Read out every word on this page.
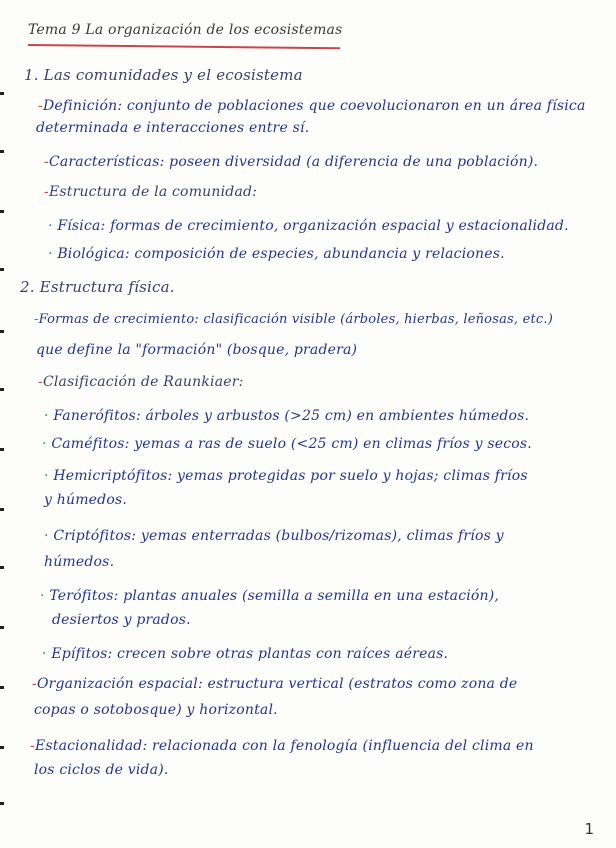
Tema 9 La organización de los ecosistemas
1. Las comunidades y el ecosistema
-Definición: conjunto de poblaciones que coevolucionaron en un área física
determinada e interacciones entre sí.
-Características: poseen diversidad (a diferencia de una población).
-Estructura de la comunidad:
· Física: formas de crecimiento, organización espacial y estacionalidad.
· Biológica: composición de especies, abundancia y relaciones.
2. Estructura física.
-Formas de crecimiento: clasificación visible (árboles, hierbas, leñosas, etc.)
que define la "formación" (bosque, pradera)
-Clasificación de Raunkiaer:
· Fanerófitos: árboles y arbustos (>25 cm) en ambientes húmedos.
· Caméfitos: yemas a ras de suelo (<25 cm) en climas fríos y secos.
· Hemicriptófitos: yemas protegidas por suelo y hojas; climas fríos
y húmedos.
· Criptófitos: yemas enterradas (bulbos/rizomas), climas fríos y
húmedos.
· Terófitos: plantas anuales (semilla a semilla en una estación),
desiertos y prados.
· Epífitos: crecen sobre otras plantas con raíces aéreas.
-Organización espacial: estructura vertical (estratos como zona de
copas o sotobosque) y horizontal.
-Estacionalidad: relacionada con la fenología (influencia del clima en
los ciclos de vida).
1
